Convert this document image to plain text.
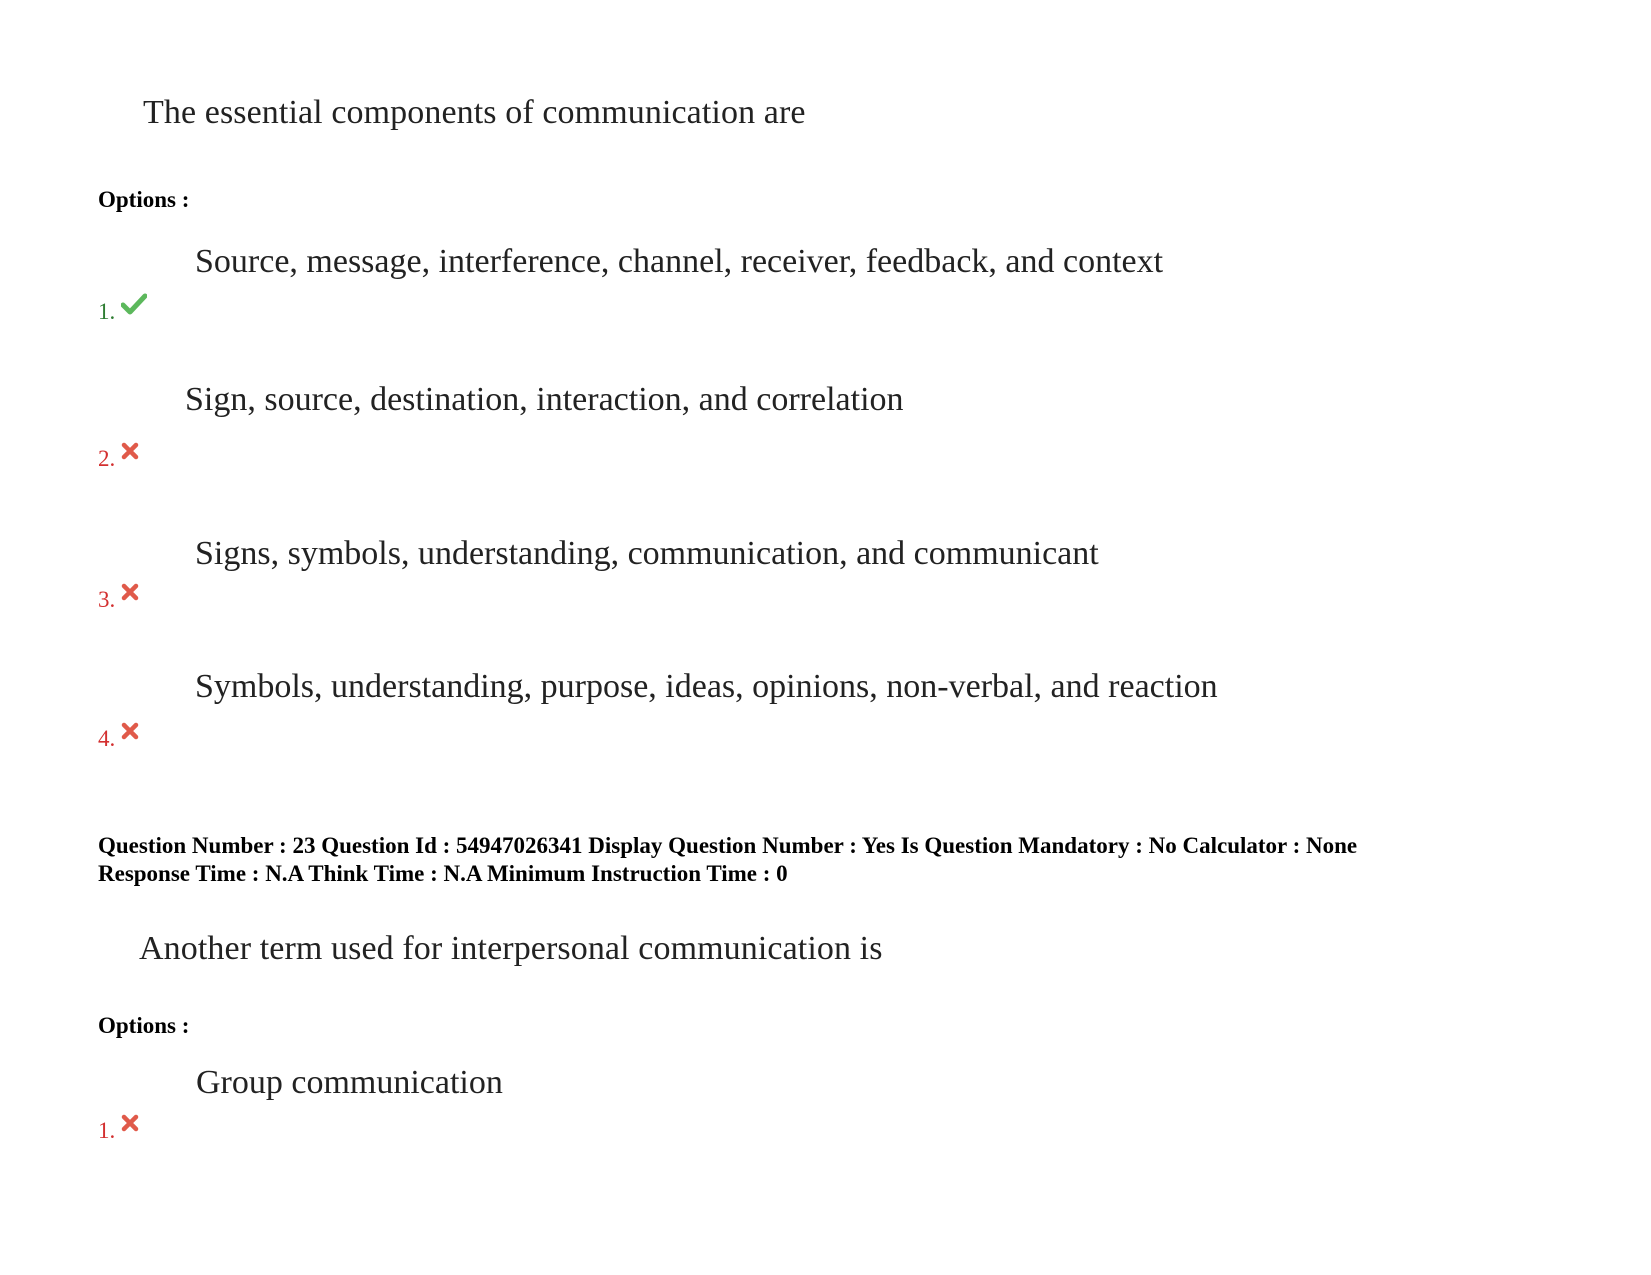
The essential components of communication are
Options :
Source, message, interference, channel, receiver, feedback, and context
1.
Sign, source, destination, interaction, and correlation
2.
Signs, symbols, understanding, communication, and communicant
3.
Symbols, understanding, purpose, ideas, opinions, non-verbal, and reaction
4.
Question Number : 23 Question Id : 54947026341 Display Question Number : Yes Is Question Mandatory : No Calculator : None
Response Time : N.A Think Time : N.A Minimum Instruction Time : 0
Another term used for interpersonal communication is
Options :
Group communication
1.
